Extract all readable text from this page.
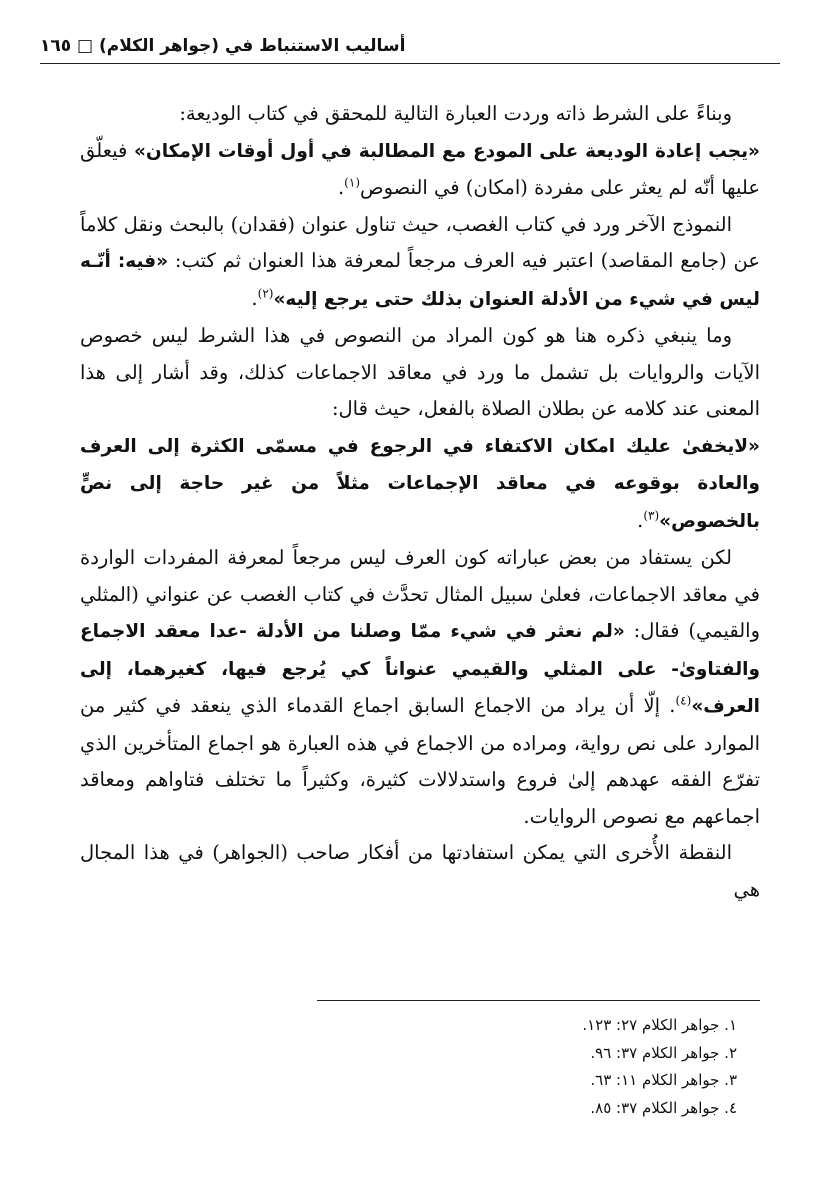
أساليب الاستنباط في (جواهر الكلام) □ ١٦٥

وبناءً على الشرط ذاته وردت العبارة التالية للمحقق في كتاب الوديعة:

«يجب إعادة الوديعة على المودع مع المطالبة في أول أوقات الإمكان» فيعلّق عليها أنّه لم يعثر على مفردة (امكان) في النصوص$^{(١)}$.

النموذج الآخر ورد في كتاب الغصب، حيث تناول عنوان (فقدان) بالبحث ونقل كلاماً عن (جامع المقاصد) اعتبر فيه العرف مرجعاً لمعرفة هذا العنوان ثم كتب: «فيه: أنّـه ليس في شيء من الأدلة العنوان بذلك حتى يرجع إليه»$^{(٢)}$.

وما ينبغي ذكره هنا هو كون المراد من النصوص في هذا الشرط ليس خصوص الآيات والروايات بل تشمل ما ورد في معاقد الاجماعات كذلك، وقد أشار إلى هذا المعنى عند كلامه عن بطلان الصلاة بالفعل، حيث قال:

«لايخفىٰ عليك امكان الاكتفاء في الرجوع في مسمّى الكثرة إلى العرف والعادة بوقوعه في معاقد الإجماعات مثلاً من غير حاجة إلى نصٍّ بالخصوص»$^{(٣)}$.

لكن يستفاد من بعض عباراته كون العرف ليس مرجعاً لمعرفة المفردات الواردة في معاقد الاجماعات، فعلىٰ سبيل المثال تحدَّث في كتاب الغصب عن عنواني (المثلي والقيمي) فقال: «لم نعثر في شيء ممّا وصلنا من الأدلة -عدا معقد الاجماع والفتاوىٰ- على المثلي والقيمي عنواناً كي يُرجع فيها، كغيرهما، إلى العرف»$^{(٤)}$. إلّا أن يراد من الاجماع السابق اجماع القدماء الذي ينعقد في كثير من الموارد على نص رواية، ومراده من الاجماع في هذه العبارة هو اجماع المتأخرين الذي تفرّع الفقه عهدهم إلىٰ فروع واستدلالات كثيرة، وكثيراً ما تختلف فتاواهم ومعاقد اجماعهم مع نصوص الروايات.

النقطة الأُخرى التي يمكن استفادتها من أفكار صاحب (الجواهر) في هذا المجال هي

١. جواهر الكلام ٢٧: ١٢٣.
٢. جواهر الكلام ٣٧: ٩٦.
٣. جواهر الكلام ١١: ٦٣.
٤. جواهر الكلام ٣٧: ٨٥.
